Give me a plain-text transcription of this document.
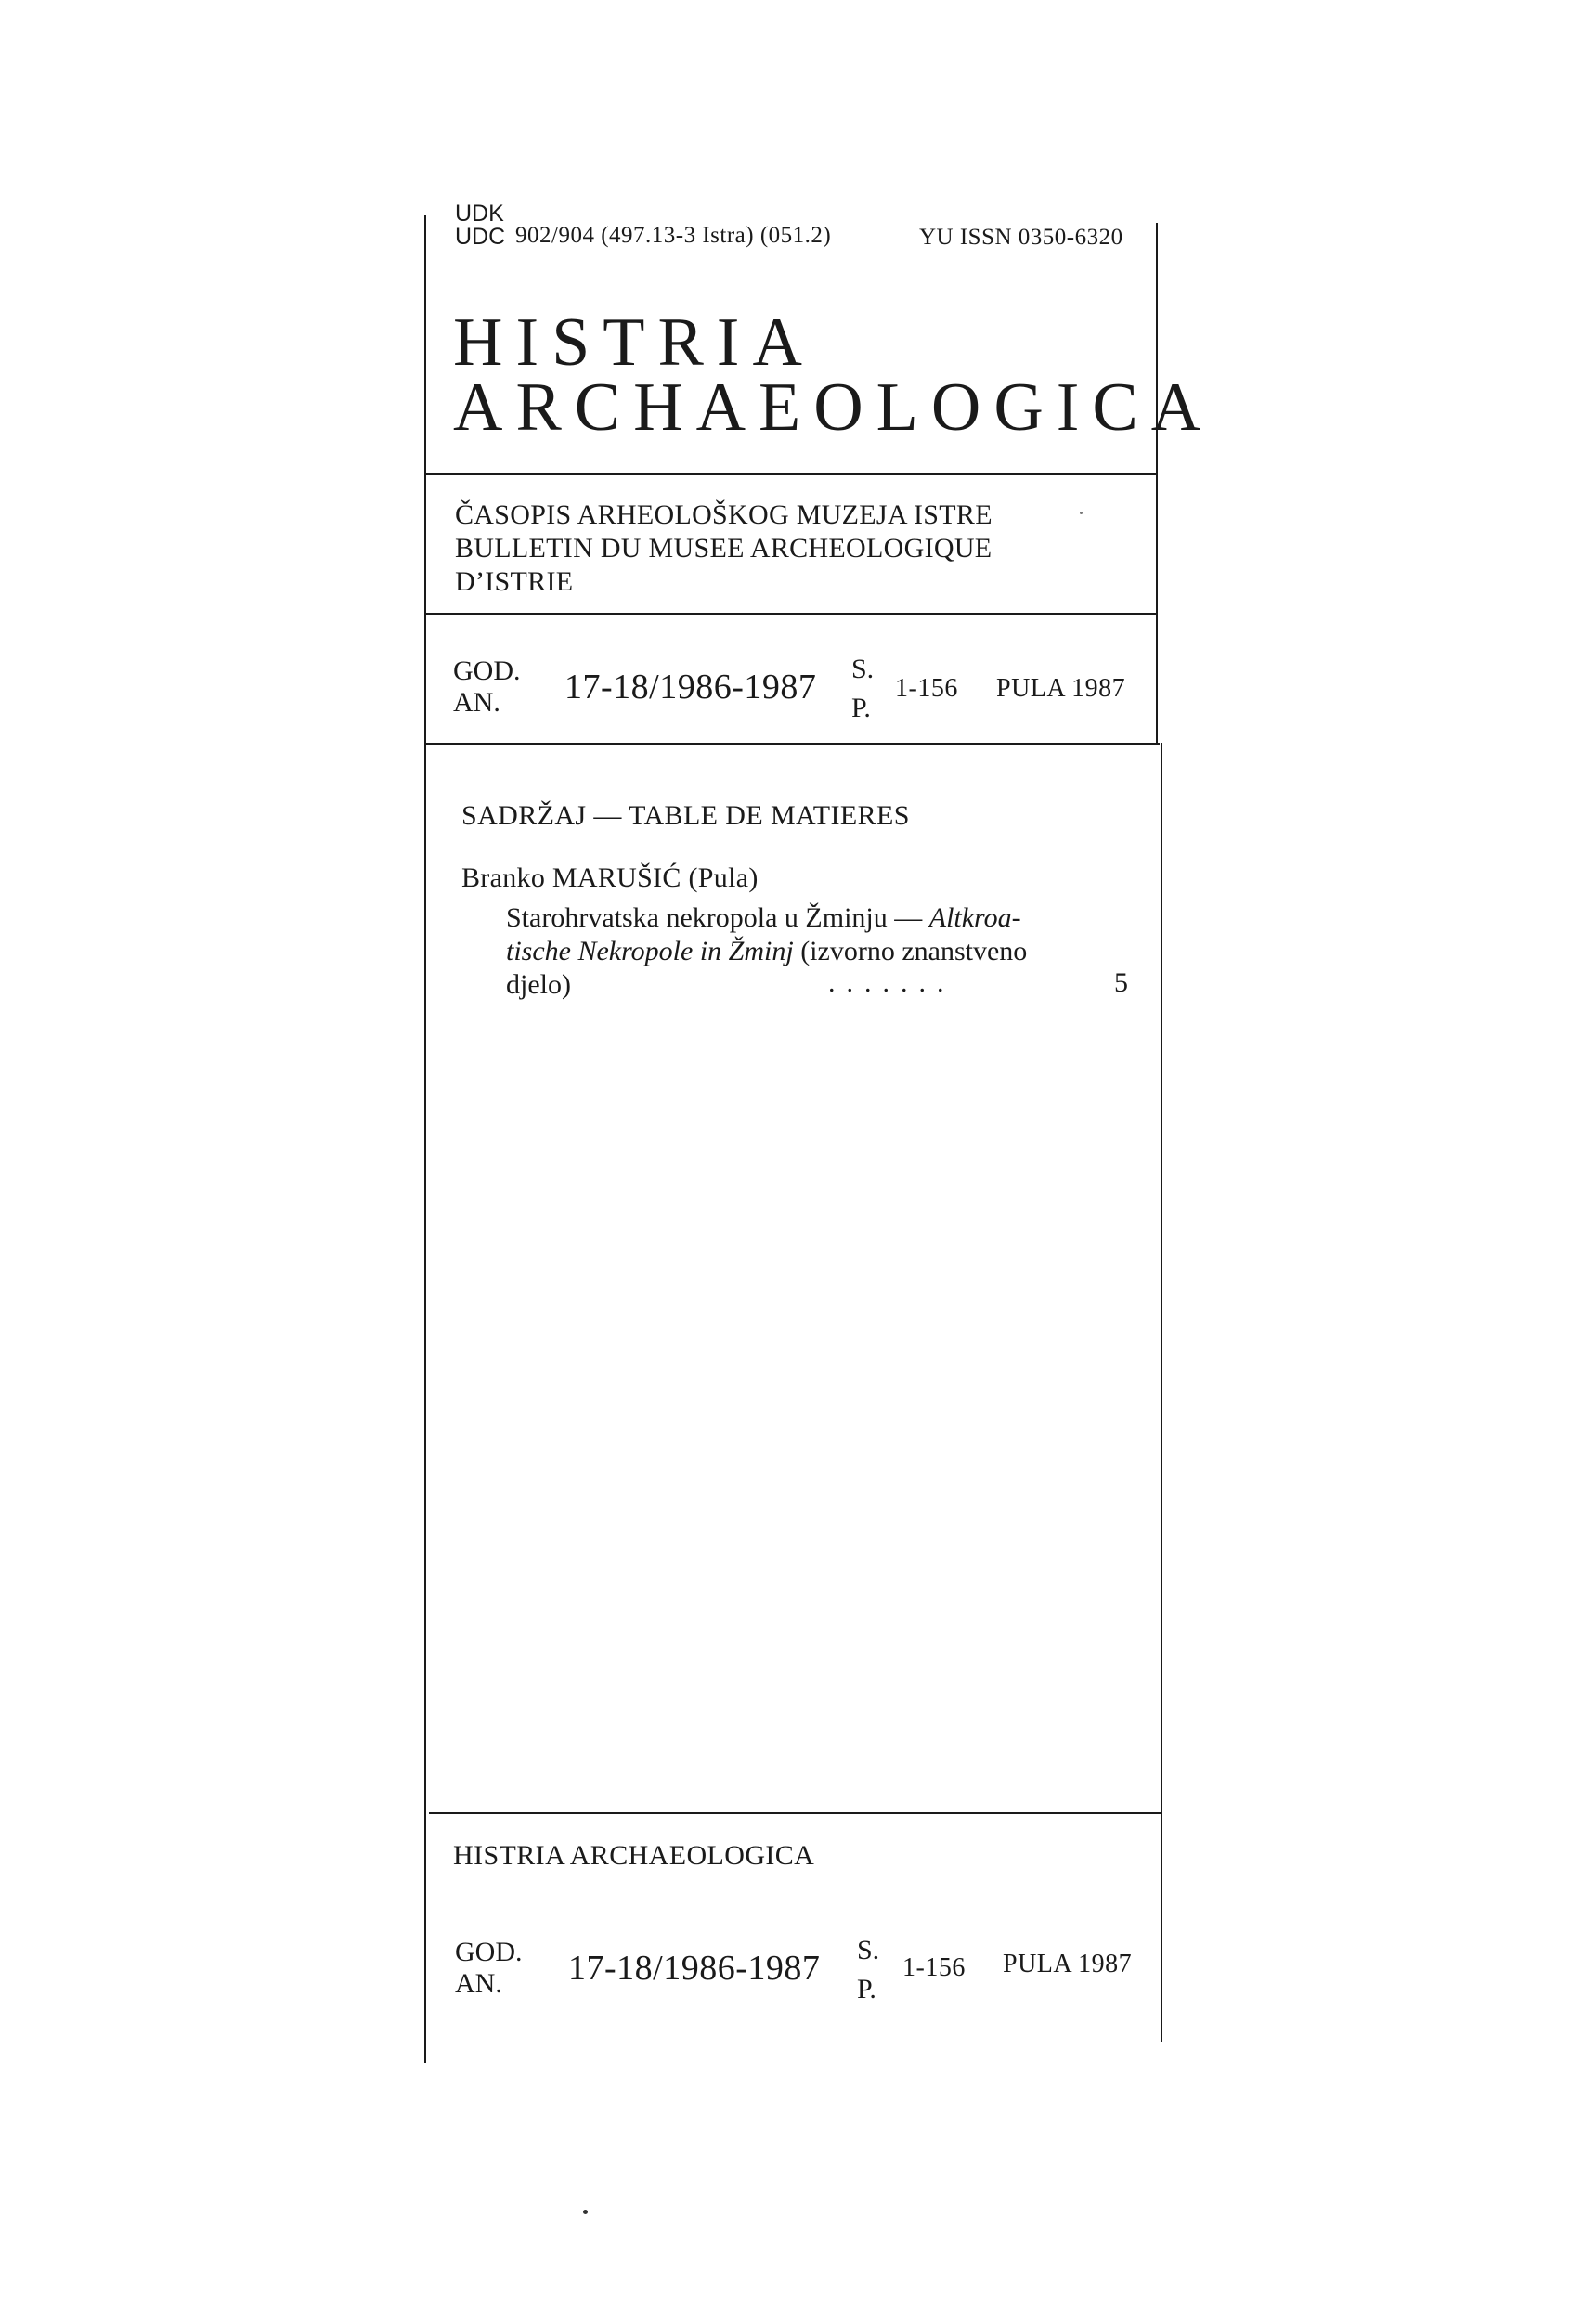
UDK
UDC 902/904 (497.13-3 Istra) (051.2)	YU ISSN 0350-6320
HISTRIA
ARCHAEOLOGICA
ČASOPIS ARHEOLOŠKOG MUZEJA ISTRE
BULLETIN DU MUSEE ARCHEOLOGIQUE
D’ISTRIE
GOD.
AN.	17-18/1986-1987 S.
P.
1-156 PULA 1987
SADRŽAJ — TABLE DE MATIERES
Branko MARUŠIĆ (Pula)
Starohrvatska nekropola u Žminju — Altkroa-
tische Nekropole in Žminj (izvorno znanstveno
djelo)	.......	5
HISTRIA ARCHAEOLOGICA
GOD.
AN.	17-18/1986-1987 S.
P.
1-156 PULA 1987
